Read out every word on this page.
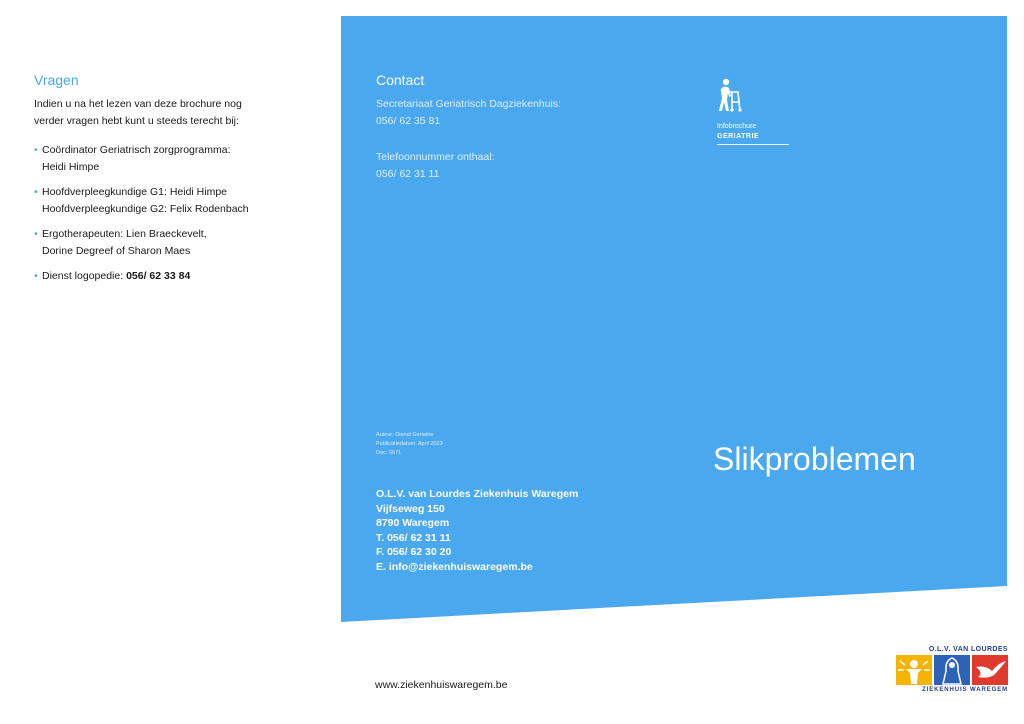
Vragen

Indien u na het lezen van deze brochure nog
verder vragen hebt kunt u steeds terecht bij:

• Coördinator Geriatrisch zorgprogramma:
Heidi Himpe
• Hoofdverpleegkundige G1: Heidi Himpe
Hoofdverpleegkundige G2: Felix Rodenbach
• Ergotherapeuten: Lien Braeckevelt,
Dorine Degreef of Sharon Maes
• Dienst logopedie: 056/ 62 33 84
Contact
Secretariaat Geriatrisch Dagziekenhuis:
056/ 62 35 81
Telefoonnummer onthaal:
056/ 62 31 11
Infobrochure
GERIATRIE
Auteur: Dienst Geriatrie
Publicatiedatum: April 2023
Doc: 5671	Slikproblemen
O.L.V. van Lourdes Ziekenhuis Waregem
Vijfseweg 150
8790 Waregem
T. 056/ 62 31 11
F. 056/ 62 30 20
E. info@ziekenhuiswaregem.be
www.ziekenhuiswaregem.be
O.L.V. VAN LOURDES
ZIEKENHUIS WAREGEM
